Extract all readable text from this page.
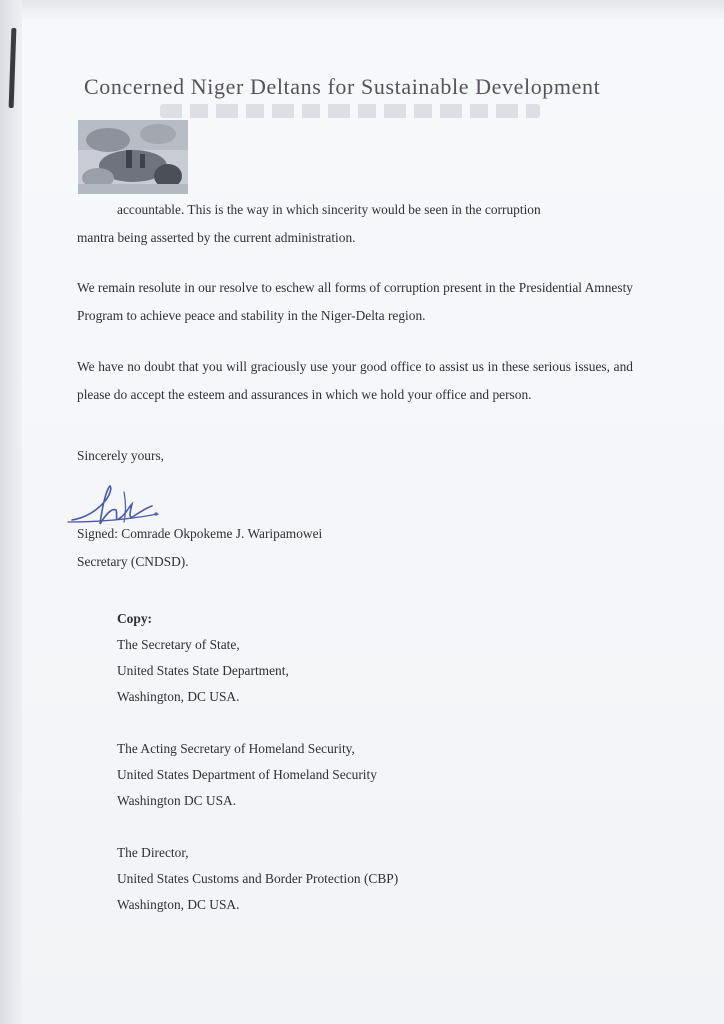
Concerned Niger Deltans for Sustainable Development
accountable. This is the way in which sincerity would be seen in the corruption
mantra being asserted by the current administration.
We remain resolute in our resolve to eschew all forms of corruption present in the Presidential Amnesty Program to achieve peace and stability in the Niger-Delta region.
We have no doubt that you will graciously use your good office to assist us in these serious issues, and please do accept the esteem and assurances in which we hold your office and person.
Sincerely yours,
Signed: Comrade Okpokeme J. Waripamowei
Secretary (CNDSD).
Copy:
The Secretary of State,
United States State Department,
Washington, DC USA.
The Acting Secretary of Homeland Security,
United States Department of Homeland Security
Washington DC USA.
The Director,
United States Customs and Border Protection (CBP)
Washington, DC USA.
